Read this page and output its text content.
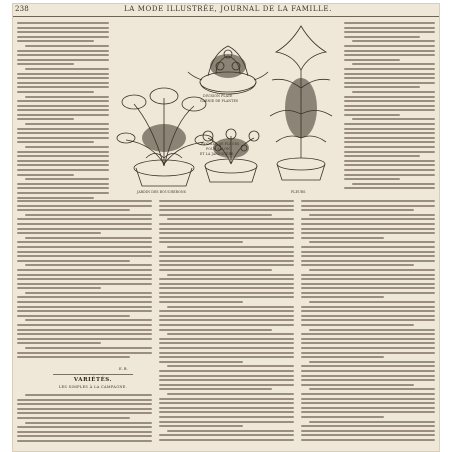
238	LA MODE ILLUSTRÉE, JOURNAL DE LA FAMILLE.
DIVISION PLATE
GARNIE DE PLANTES
PANNIER DE FLEURS
POUR SALON
ET LA JARDINIÈRE
JARDIN DES BOUCHERONS	FLEURS
E. B.
VARIÉTÉS.
LES SIMPLES À LA CAMPAGNE.
